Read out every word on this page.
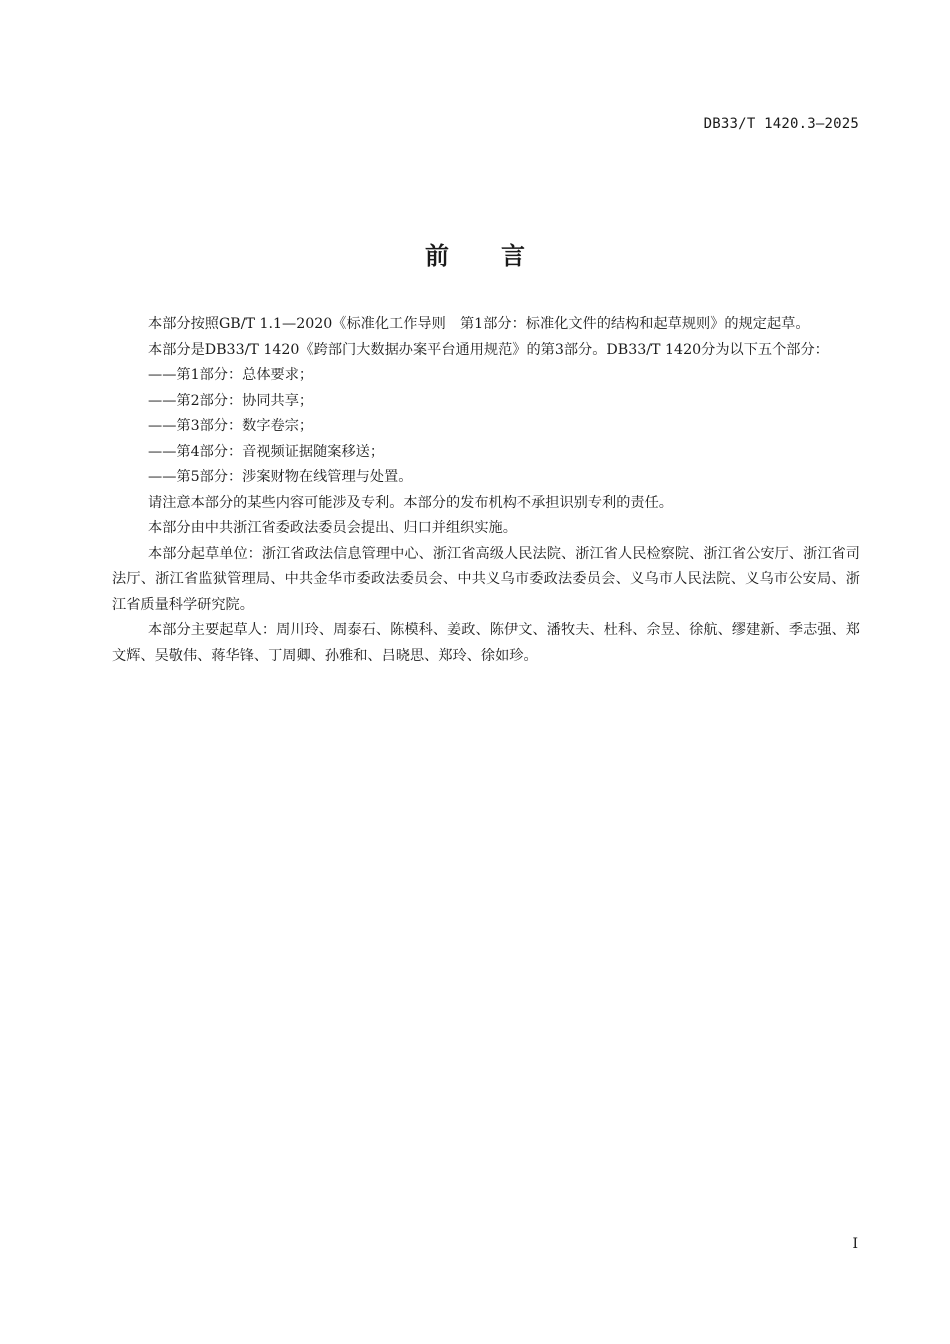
DB33/T 1420.3—2025
前 言

本部分按照GB/T 1.1—2020《标准化工作导则　第1部分：标准化文件的结构和起草规则》的规定起草。

本部分是DB33/T 1420《跨部门大数据办案平台通用规范》的第3部分。DB33/T 1420分为以下五个部分：

——第1部分：总体要求；

——第2部分：协同共享；

——第3部分：数字卷宗；

——第4部分：音视频证据随案移送；

——第5部分：涉案财物在线管理与处置。

请注意本部分的某些内容可能涉及专利。本部分的发布机构不承担识别专利的责任。

本部分由中共浙江省委政法委员会提出、归口并组织实施。

本部分起草单位：浙江省政法信息管理中心、浙江省高级人民法院、浙江省人民检察院、浙江省公安厅、浙江省司法厅、浙江省监狱管理局、中共金华市委政法委员会、中共义乌市委政法委员会、义乌市人民法院、义乌市公安局、浙江省质量科学研究院。

本部分主要起草人：周川玲、周泰石、陈模科、姜政、陈伊文、潘牧夫、杜科、佘昱、徐航、缪建新、季志强、郑文辉、吴敬伟、蒋华锋、丁周卿、孙雅和、吕晓思、郑玲、徐如珍。

I
